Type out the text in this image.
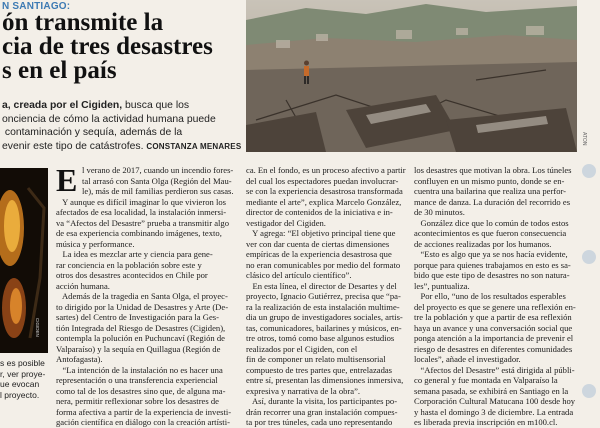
N SANTIAGO:
ón transmite la
cia de tres desastres
s en el país
a, creada por el Cigiden, busca que los
onciencia de cómo la actividad humana puede
contaminación y sequía, además de la
evenir este tipo de catástrofes. CONSTANZA MENARES
ATON
CIGIDEN
s es posible
r, ver proye-
ue evocan
l proyecto.
E l verano de 2017, cuando un incendio fores-
tal arrasó con Santa Olga (Región del Mau-
le), más de mil familias perdieron sus casas.
Y aunque es difícil imaginar lo que vivieron los
afectados de esa localidad, la instalación inmersi-
va “Afectos del Desastre” prueba a transmitir algo
de esa experiencia combinando imágenes, texto,
música y performance.
La idea es mezclar arte y ciencia para gene-
rar conciencia en la población sobre este y
otros dos desastres acontecidos en Chile por
acción humana.
Además de la tragedia en Santa Olga, el proyec-
to dirigido por la Unidad de Desastres y Arte (De-
sartes) del Centro de Investigación para la Ges-
tión Integrada del Riesgo de Desastres (Cigiden),
contempla la polución en Puchuncaví (Región de
Valparaíso) y la sequía en Quillagua (Región de
Antofagasta).
“La intención de la instalación no es hacer una
representación o una transferencia experiencial
como tal de los desastres sino que, de alguna ma-
nera, permitir reflexionar sobre los desastres de
forma afectiva a partir de la experiencia de investi-
gación científica en diálogo con la creación artísti-
ca. En el fondo, es un proceso afectivo a partir
del cual los espectadores puedan involucrar-
se con la experiencia desastrosa transformada
mediante el arte”, explica Marcelo González,
director de contenidos de la iniciativa e in-
vestigador del Cigiden.
Y agrega: “El objetivo principal tiene que
ver con dar cuenta de ciertas dimensiones
empíricas de la experiencia desastrosa que
no eran comunicables por medio del formato
clásico del artículo científico”.
En esta línea, el director de Desartes y del
proyecto, Ignacio Gutiérrez, precisa que “pa-
ra la realización de esta instalación multime-
dia un grupo de investigadores sociales, artis-
tas, comunicadores, bailarines y músicos, en-
tre otros, tomó como base algunos estudios
realizados por el Cigiden, con el
fin de componer un relato multisensorial
compuesto de tres partes que, entrelazadas
entre sí, presentan las dimensiones inmersiva,
expresiva y narrativa de la obra”.
Así, durante la visita, los participantes po-
drán recorrer una gran instalación compues-
ta por tres túneles, cada uno representando
los desastres que motivan la obra. Los túneles
confluyen en un mismo punto, donde se en-
cuentra una bailarina que realiza una perfor-
mance de danza. La duración del recorrido es
de 30 minutos.
González dice que lo común de todos estos
acontecimientos es que fueron consecuencia
de acciones realizadas por los humanos.
“Esto es algo que ya se nos hacía evidente,
porque para quienes trabajamos en esto es sa-
bido que este tipo de desastres no son natura-
les”, puntualiza.
Por ello, “uno de los resultados esperables
del proyecto es que se genere una reflexión en-
tre la población y que a partir de esa reflexión
haya un avance y una conversación social que
ponga atención a la importancia de prevenir el
riesgo de desastres en diferentes comunidades
locales”, añade el investigador.
“Afectos del Desastre” está dirigida al públi-
co general y fue montada en Valparaíso la
semana pasada, se exhibirá en Santiago en la
Corporación Cultural Matucana 100 desde hoy
y hasta el domingo 3 de diciembre. La entrada
es liberada previa inscripción en m100.cl.
